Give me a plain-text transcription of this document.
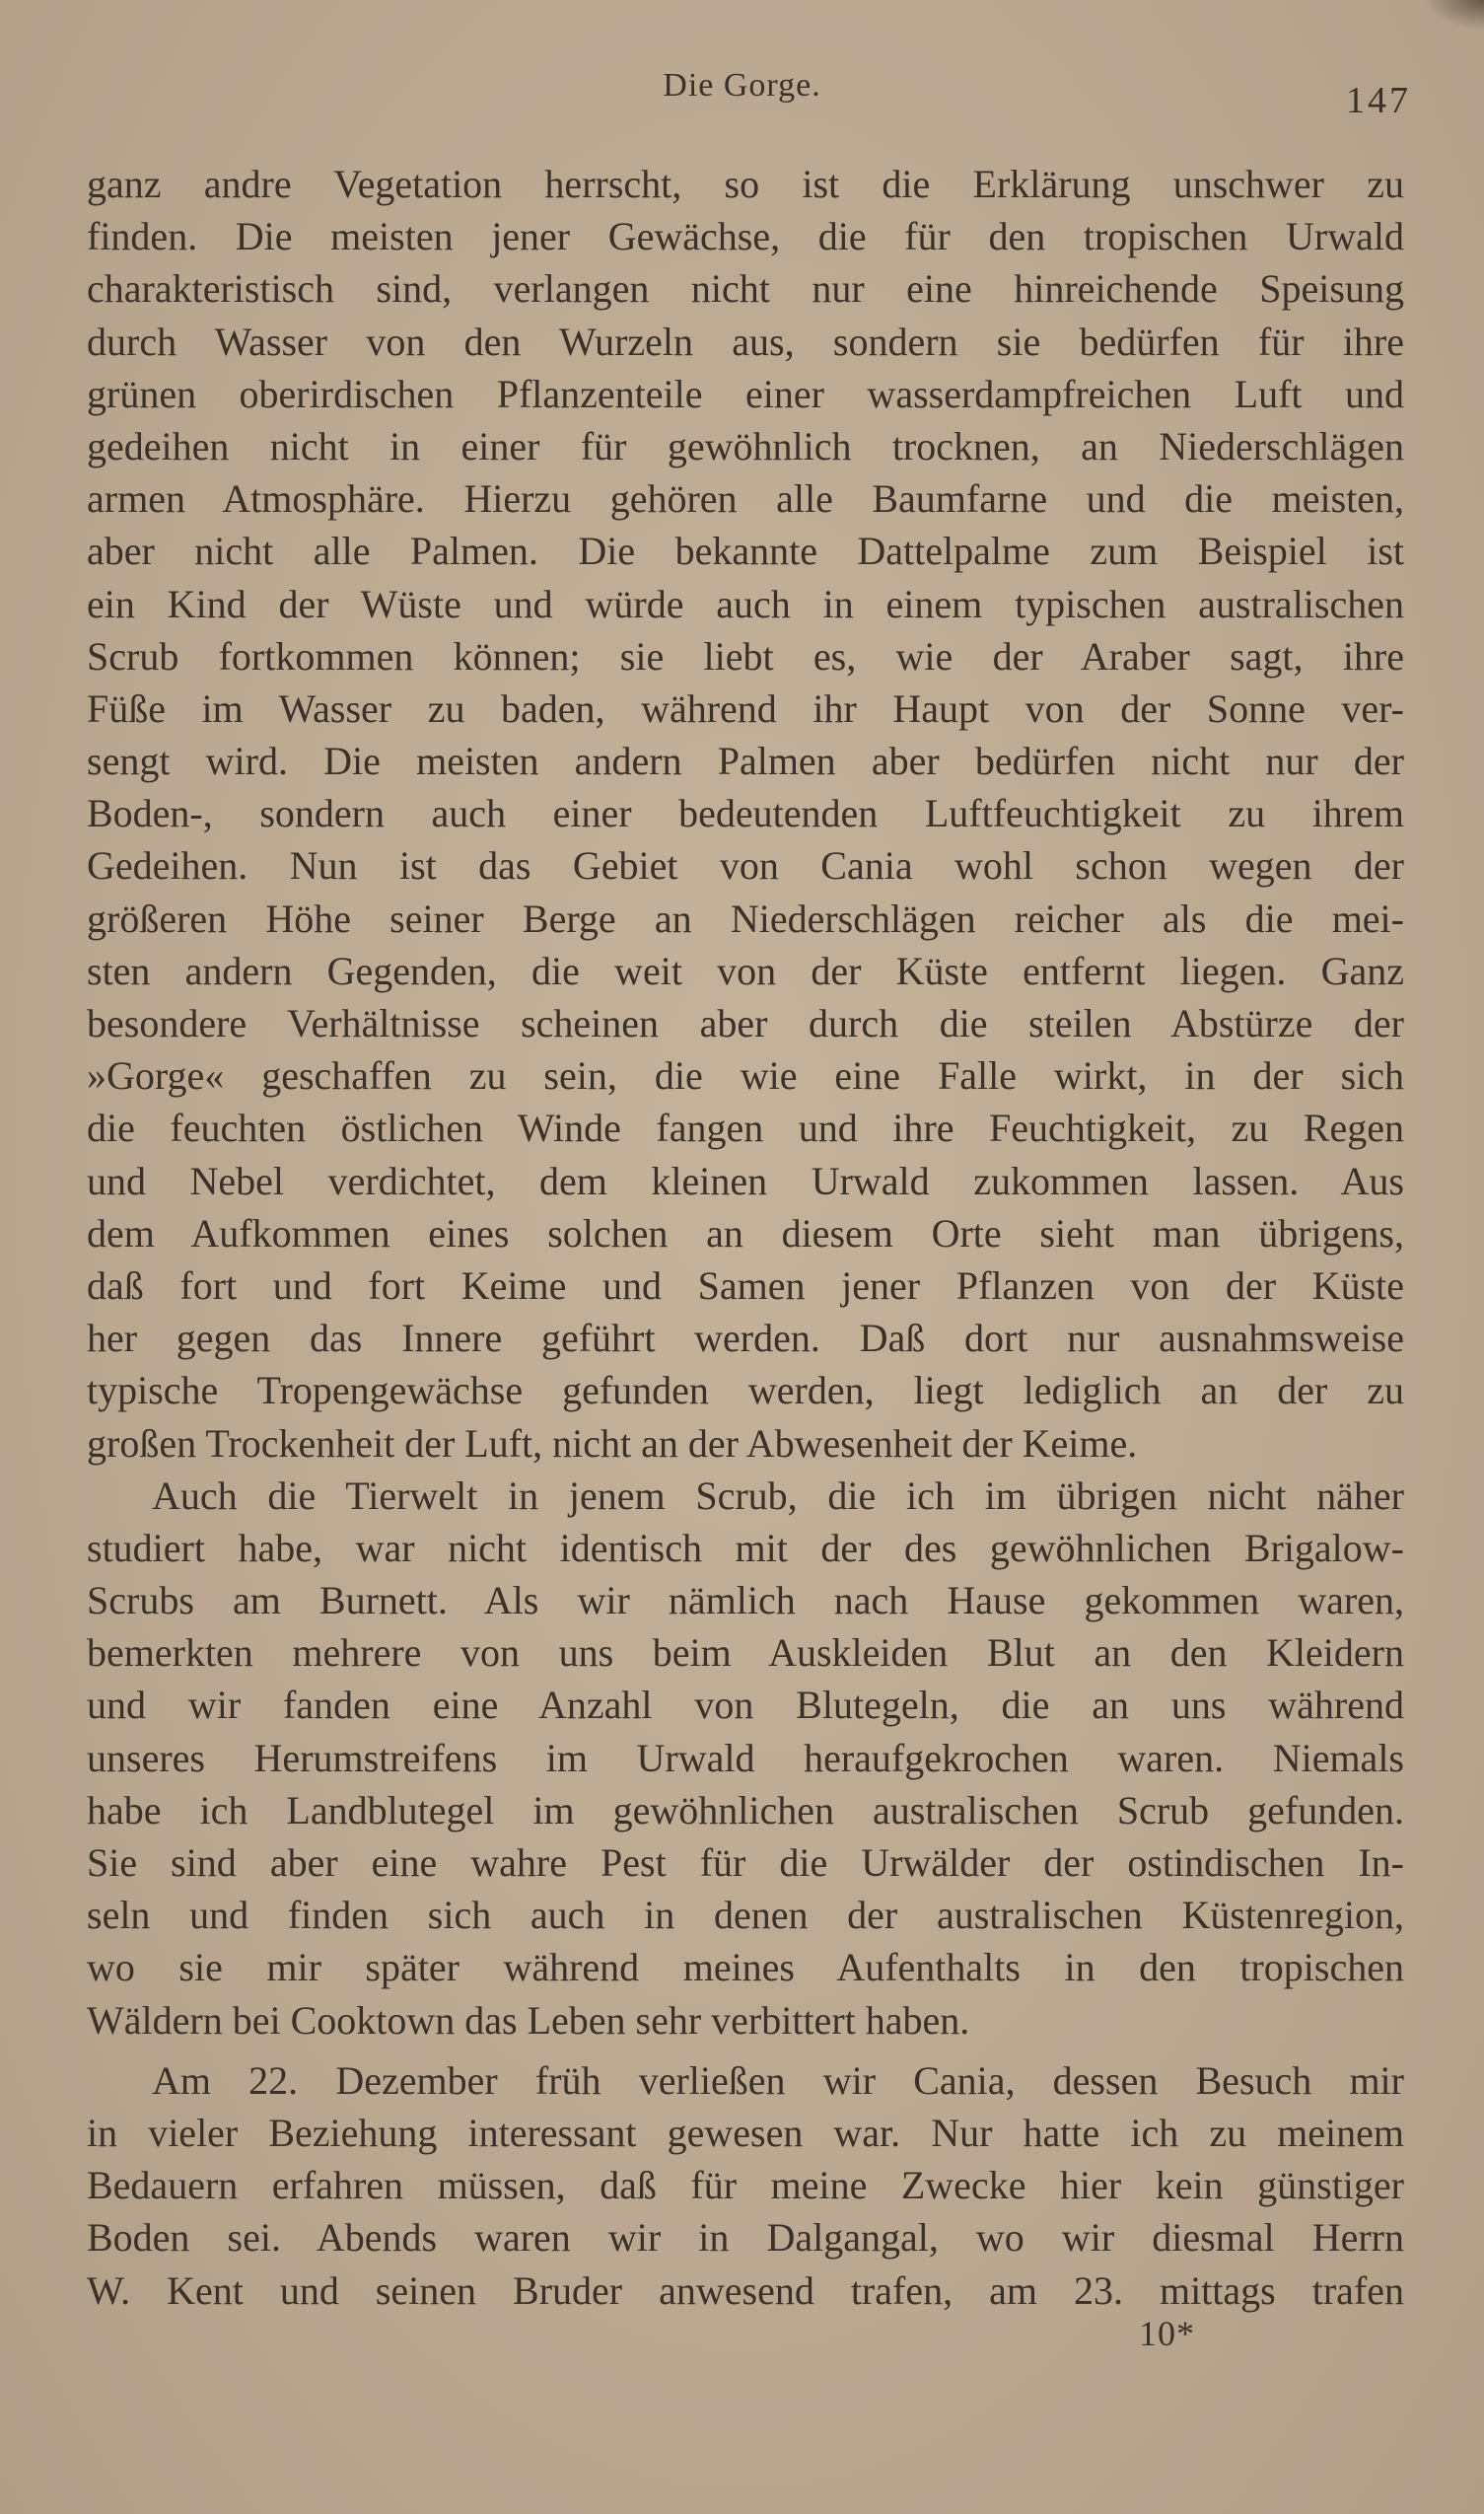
Die Gorge.	147
ganz andre Vegetation herrscht, so ist die Erklärung unschwer zu
finden. Die meisten jener Gewächse, die für den tropischen Urwald
charakteristisch sind, verlangen nicht nur eine hinreichende Speisung
durch Wasser von den Wurzeln aus, sondern sie bedürfen für ihre
grünen oberirdischen Pflanzenteile einer wasserdampfreichen Luft und
gedeihen nicht in einer für gewöhnlich trocknen, an Niederschlägen
armen Atmosphäre. Hierzu gehören alle Baumfarne und die meisten,
aber nicht alle Palmen. Die bekannte Dattelpalme zum Beispiel ist
ein Kind der Wüste und würde auch in einem typischen australischen
Scrub fortkommen können; sie liebt es, wie der Araber sagt, ihre
Füße im Wasser zu baden, während ihr Haupt von der Sonne ver-
sengt wird. Die meisten andern Palmen aber bedürfen nicht nur der
Boden-, sondern auch einer bedeutenden Luftfeuchtigkeit zu ihrem
Gedeihen. Nun ist das Gebiet von Cania wohl schon wegen der
größeren Höhe seiner Berge an Niederschlägen reicher als die mei-
sten andern Gegenden, die weit von der Küste entfernt liegen. Ganz
besondere Verhältnisse scheinen aber durch die steilen Abstürze der
»Gorge« geschaffen zu sein, die wie eine Falle wirkt, in der sich
die feuchten östlichen Winde fangen und ihre Feuchtigkeit, zu Regen
und Nebel verdichtet, dem kleinen Urwald zukommen lassen. Aus
dem Aufkommen eines solchen an diesem Orte sieht man übrigens,
daß fort und fort Keime und Samen jener Pflanzen von der Küste
her gegen das Innere geführt werden. Daß dort nur ausnahmsweise
typische Tropengewächse gefunden werden, liegt lediglich an der zu
großen Trockenheit der Luft, nicht an der Abwesenheit der Keime.
Auch die Tierwelt in jenem Scrub, die ich im übrigen nicht näher
studiert habe, war nicht identisch mit der des gewöhnlichen Brigalow-
Scrubs am Burnett. Als wir nämlich nach Hause gekommen waren,
bemerkten mehrere von uns beim Auskleiden Blut an den Kleidern
und wir fanden eine Anzahl von Blutegeln, die an uns während
unseres Herumstreifens im Urwald heraufgekrochen waren. Niemals
habe ich Landblutegel im gewöhnlichen australischen Scrub gefunden.
Sie sind aber eine wahre Pest für die Urwälder der ostindischen In-
seln und finden sich auch in denen der australischen Küstenregion,
wo sie mir später während meines Aufenthalts in den tropischen
Wäldern bei Cooktown das Leben sehr verbittert haben.
Am 22. Dezember früh verließen wir Cania, dessen Besuch mir
in vieler Beziehung interessant gewesen war. Nur hatte ich zu meinem
Bedauern erfahren müssen, daß für meine Zwecke hier kein günstiger
Boden sei. Abends waren wir in Dalgangal, wo wir diesmal Herrn
W. Kent und seinen Bruder anwesend trafen, am 23. mittags trafen
10*
